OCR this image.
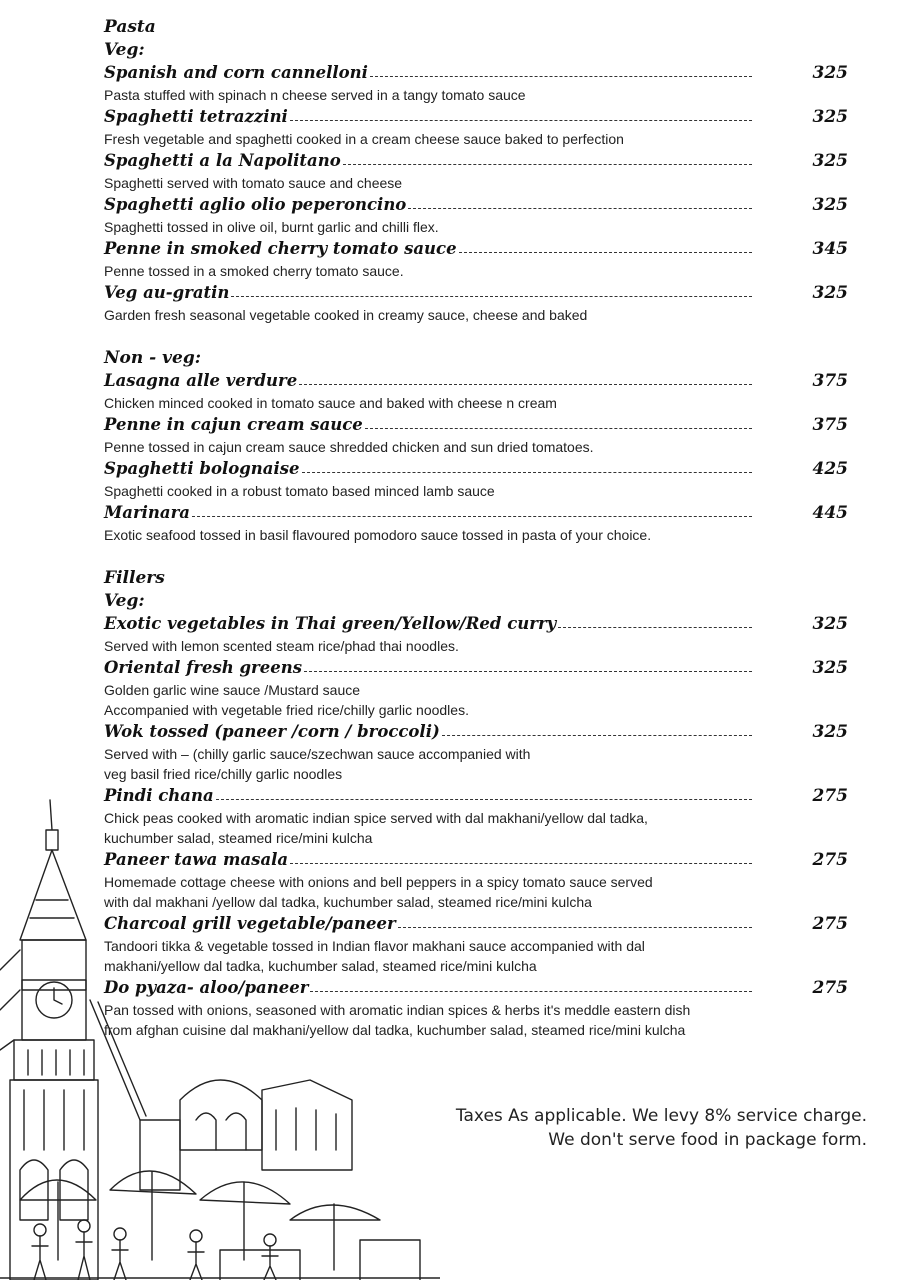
Pasta
Veg:
Spanish and corn cannelloni	325

Pasta stuffed with spinach n cheese served in a tangy tomato sauce

Spaghetti tetrazzini	325

Fresh vegetable and spaghetti cooked in a cream cheese sauce baked to perfection

Spaghetti a la Napolitano	325

Spaghetti served with tomato sauce and cheese

Spaghetti aglio olio peperoncino	325

Spaghetti tossed in olive oil, burnt garlic and chilli flex.

Penne in smoked cherry tomato sauce	345

Penne tossed in a smoked cherry tomato sauce.

Veg au-gratin	325

Garden fresh seasonal vegetable cooked in creamy sauce, cheese and baked

Non - veg:
Lasagna alle verdure	375

Chicken minced cooked in tomato sauce and baked with cheese n cream

Penne in cajun cream sauce	375

Penne tossed in cajun cream sauce shredded chicken and sun dried tomatoes.

Spaghetti bolognaise	425

Spaghetti cooked in a robust tomato based minced lamb sauce

Marinara	445

Exotic seafood tossed in basil flavoured pomodoro sauce tossed in pasta of your choice.

Fillers
Veg:
Exotic vegetables in Thai green/Yellow/Red curry	325

Served with lemon scented steam rice/phad thai noodles.

Oriental fresh greens	325

Golden garlic wine sauce /Mustard sauce

Accompanied with vegetable fried rice/chilly garlic noodles.

Wok tossed (paneer /corn / broccoli)	325

Served with – (chilly garlic sauce/szechwan sauce accompanied with

veg basil fried rice/chilly garlic noodles

Pindi chana	275

Chick peas cooked with aromatic indian spice served with dal makhani/yellow dal tadka,

kuchumber salad, steamed rice/mini kulcha

Paneer tawa masala	275

Homemade cottage cheese with onions and bell peppers in a spicy tomato sauce served

with dal makhani /yellow dal tadka, kuchumber salad, steamed rice/mini kulcha

Charcoal grill vegetable/paneer	275

Tandoori tikka & vegetable tossed in Indian flavor makhani sauce accompanied with dal

makhani/yellow dal tadka, kuchumber salad, steamed rice/mini kulcha

Do pyaza- aloo/paneer	275

Pan tossed with onions, seasoned with aromatic indian spices & herbs it's meddle eastern dish

from afghan cuisine dal makhani/yellow dal tadka, kuchumber salad, steamed rice/mini kulcha

Taxes As applicable. We levy 8% service charge.
We don't serve food in package form.
